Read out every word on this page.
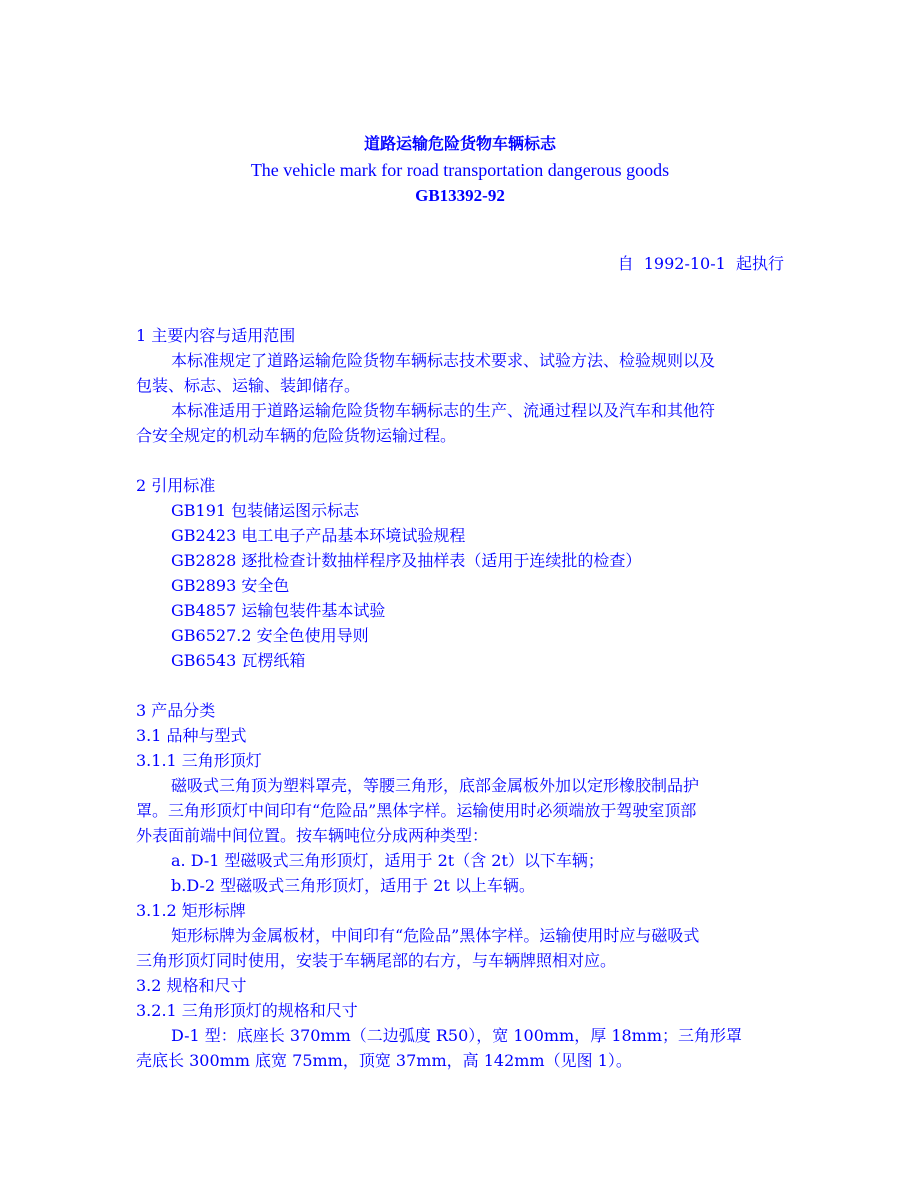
道路运输危险货物车辆标志
The vehicle mark for road transportation dangerous goods
GB13392-92
自  1992-10-1  起执行
1 主要内容与适用范围
本标准规定了道路运输危险货物车辆标志技术要求、试验方法、检验规则以及
包装、标志、运输、装卸储存。
本标准适用于道路运输危险货物车辆标志的生产、流通过程以及汽车和其他符
合安全规定的机动车辆的危险货物运输过程。
2 引用标准
GB191 包装储运图示标志
GB2423 电工电子产品基本环境试验规程
GB2828 逐批检查计数抽样程序及抽样表（适用于连续批的检查）
GB2893 安全色
GB4857 运输包装件基本试验
GB6527.2 安全色使用导则
GB6543 瓦楞纸箱
3 产品分类
3.1 品种与型式
3.1.1 三角形顶灯
磁吸式三角顶为塑料罩壳，等腰三角形，底部金属板外加以定形橡胶制品护
罩。三角形顶灯中间印有“危险品”黑体字样。运输使用时必须端放于驾驶室顶部
外表面前端中间位置。按车辆吨位分成两种类型：
a. D-1 型磁吸式三角形顶灯，适用于 2t（含 2t）以下车辆；
b.D-2 型磁吸式三角形顶灯，适用于 2t 以上车辆。
3.1.2 矩形标牌
矩形标牌为金属板材，中间印有“危险品”黑体字样。运输使用时应与磁吸式
三角形顶灯同时使用，安装于车辆尾部的右方，与车辆牌照相对应。
3.2 规格和尺寸
3.2.1 三角形顶灯的规格和尺寸
D-1 型：底座长 370mm（二边弧度 R50），宽 100mm，厚 18mm；三角形罩
壳底长 300mm 底宽 75mm，顶宽 37mm，高 142mm（见图 1）。
